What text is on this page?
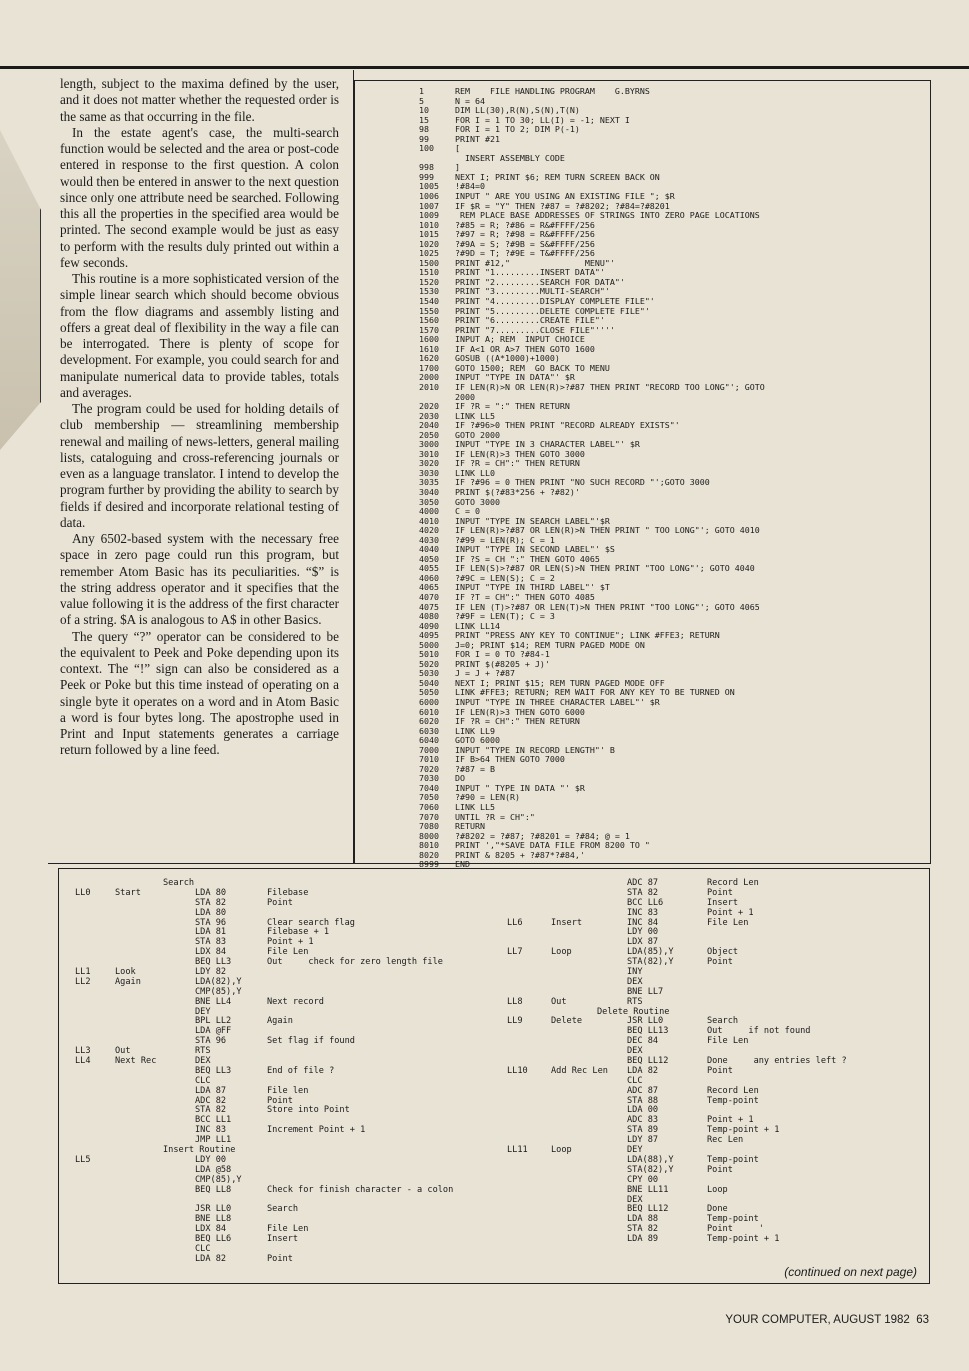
length, subject to the maxima defined by the user, and it does not matter whether the requested order is the same as that occurring in the file.

In the estate agent's case, the multi-search function would be selected and the area or post-code entered in response to the first question. A colon would then be entered in answer to the next question since only one attribute need be searched. Following this all the properties in the specified area would be printed. The second example would be just as easy to perform with the results duly printed out within a few seconds.

This routine is a more sophisticated version of the simple linear search which should become obvious from the flow diagrams and assembly listing and offers a great deal of flexibility in the way a file can be interrogated. There is plenty of scope for development. For example, you could search for and manipulate numerical data to provide tables, totals and averages.

The program could be used for holding details of club membership — streamlining membership renewal and mailing of news-letters, general mailing lists, cataloguing and cross-referencing journals or even as a language translator. I intend to develop the program further by providing the ability to search by fields if desired and incorporate relational testing of data.

Any 6502-based system with the necessary free space in zero page could run this program, but remember Atom Basic has its peculiarities. “$” is the string address operator and it specifies that the value following it is the address of the first character of a string. $A is analogous to A$ in other Basics.

The query “?” operator can be considered to be the equivalent to Peek and Poke depending upon its context. The “!” sign can also be considered as a Peek or Poke but this time instead of operating on a single byte it operates on a word and in Atom Basic a word is four bytes long. The apostrophe used in Print and Input statements generates a carriage return followed by a line feed.

1	REM    FILE HANDLING PROGRAM    G.BYRNS
5	N = 64
10	DIM LL(30),R(N),S(N),T(N)
15	FOR I = 1 TO 30; LL(I) = -1; NEXT I
98	FOR I = 1 TO 2; DIM P(-1)
99	PRINT #21
100	[
INSERT ASSEMBLY CODE
998	]
999	NEXT I; PRINT $6; REM TURN SCREEN BACK ON
1005	!#84=0
1006	INPUT " ARE YOU USING AN EXISTING FILE "; $R
1007	IF $R = "Y" THEN ?#87 = ?#8202; ?#84=?#8201
1009	REM PLACE BASE ADDRESSES OF STRINGS INTO ZERO PAGE LOCATIONS
1010	?#85 = R; ?#86 = R&#FFFF/256
1015	?#97 = R; ?#98 = R&#FFFF/256
1020	?#9A = S; ?#9B = S&#FFFF/256
1025	?#9D = T; ?#9E = T&#FFFF/256
1500	PRINT #12,"               MENU"'
1510	PRINT "1.........INSERT DATA"'
1520	PRINT "2.........SEARCH FOR DATA"'
1530	PRINT "3.........MULTI-SEARCH"'
1540	PRINT "4.........DISPLAY COMPLETE FILE"'
1550	PRINT "5.........DELETE COMPLETE FILE"'
1560	PRINT "6.........CREATE FILE"'
1570	PRINT "7.........CLOSE FILE"''''
1600	INPUT A; REM  INPUT CHOICE
1610	IF A<1 OR A>7 THEN GOTO 1600
1620	GOSUB ((A*1000)+1000)
1700	GOTO 1500; REM  GO BACK TO MENU
2000	INPUT "TYPE IN DATA"' $R
2010	IF LEN(R)>N OR LEN(R)>?#87 THEN PRINT "RECORD TOO LONG"'; GOTO
2000
2020	IF ?R = ":" THEN RETURN
2030	LINK LL5
2040	IF ?#96>0 THEN PRINT "RECORD ALREADY EXISTS"'
2050	GOTO 2000
3000	INPUT "TYPE IN 3 CHARACTER LABEL"' $R
3010	IF LEN(R)>3 THEN GOTO 3000
3020	IF ?R = CH":" THEN RETURN
3030	LINK LL0
3035	IF ?#96 = 0 THEN PRINT "NO SUCH RECORD "';GOTO 3000
3040	PRINT $(?#83*256 + ?#82)'
3050	GOTO 3000
4000	C = 0
4010	INPUT "TYPE IN SEARCH LABEL"'$R
4020	IF LEN(R)>?#87 OR LEN(R)>N THEN PRINT " TOO LONG"'; GOTO 4010
4030	?#99 = LEN(R); C = 1
4040	INPUT "TYPE IN SECOND LABEL"' $S
4050	IF ?S = CH ":" THEN GOTO 4065
4055	IF LEN(S)>?#87 OR LEN(S)>N THEN PRINT "TOO LONG"'; GOTO 4040
4060	?#9C = LEN(S); C = 2
4065	INPUT "TYPE IN THIRD LABEL"' $T
4070	IF ?T = CH":" THEN GOTO 4085
4075	IF LEN (T)>?#87 OR LEN(T)>N THEN PRINT "TOO LONG"'; GOTO 4065
4080	?#9F = LEN(T); C = 3
4090	LINK LL14
4095	PRINT "PRESS ANY KEY TO CONTINUE"; LINK #FFE3; RETURN
5000	J=0; PRINT $14; REM TURN PAGED MODE ON
5010	FOR I = 0 TO ?#84-1
5020	PRINT $(#8205 + J)'
5030	J = J + ?#87
5040	NEXT I; PRINT $15; REM TURN PAGED MODE OFF
5050	LINK #FFE3; RETURN; REM WAIT FOR ANY KEY TO BE TURNED ON
6000	INPUT "TYPE IN THREE CHARACTER LABEL"' $R
6010	IF LEN(R)>3 THEN GOTO 6000
6020	IF ?R = CH":" THEN RETURN
6030	LINK LL9
6040	GOTO 6000
7000	INPUT "TYPE IN RECORD LENGTH"' B
7010	IF B>64 THEN GOTO 7000
7020	?#87 = B
7030	DO
7040	INPUT " TYPE IN DATA "' $R
7050	?#90 = LEN(R)
7060	LINK LL5
7070	UNTIL ?R = CH":"
7080	RETURN
8000	?#8202 = ?#87; ?#8201 = ?#84; @ = 1
8010	PRINT ',"*SAVE DATA FILE FROM 8200 TO "
8020	PRINT & 8205 + ?#87*?#84,'
8999	END
Search
LL0	Start	LDA 80	Filebase
STA 82	Point
LDA 80
STA 96	Clear search flag
LDA 81	Filebase + 1
STA 83	Point + 1
LDX 84	File Len
BEQ LL3	Out     check for zero length file
LL1	Look	LDY 82
LL2	Again	LDA(82),Y
CMP(85),Y
BNE LL4	Next record
DEY
BPL LL2	Again
LDA @FF
STA 96	Set flag if found
LL3	Out	RTS
LL4	Next Rec	DEX
BEQ LL3	End of file ?
CLC
LDA 87	File len
ADC 82	Point
STA 82	Store into Point
BCC LL1
INC 83	Increment Point + 1
JMP LL1
Insert Routine
LL5	LDY 00
LDA @58
CMP(85),Y
BEQ LL8	Check for finish character - a colon
JSR LL0	Search
BNE LL8
LDX 84	File Len
BEQ LL6	Insert
CLC
LDA 82	Point
ADC 87	Record Len
STA 82	Point
BCC LL6	Insert
INC 83	Point + 1
LL6	Insert	INC 84	File Len
LDY 00
LDX 87
LL7	Loop	LDA(85),Y	Object
STA(82),Y	Point
INY
DEX
BNE LL7
LL8	Out	RTS
Delete Routine
LL9	Delete	JSR LL0	Search
BEQ LL13	Out     if not found
DEC 84	File Len
DEX
BEQ LL12	Done     any entries left ?
LL10	Add Rec Len	LDA 82	Point
CLC
ADC 87	Record Len
STA 88	Temp-point
LDA 00
ADC 83	Point + 1
STA 89	Temp-point + 1
LDY 87	Rec Len
LL11	Loop	DEY
LDA(88),Y	Temp-point
STA(82),Y	Point
CPY 00
BNE LL11	Loop
DEX
BEQ LL12	Done
LDA 88	Temp-point
STA 82	Point     '
LDA 89	Temp-point + 1
(continued on next page)
YOUR COMPUTER, AUGUST 1982 63
